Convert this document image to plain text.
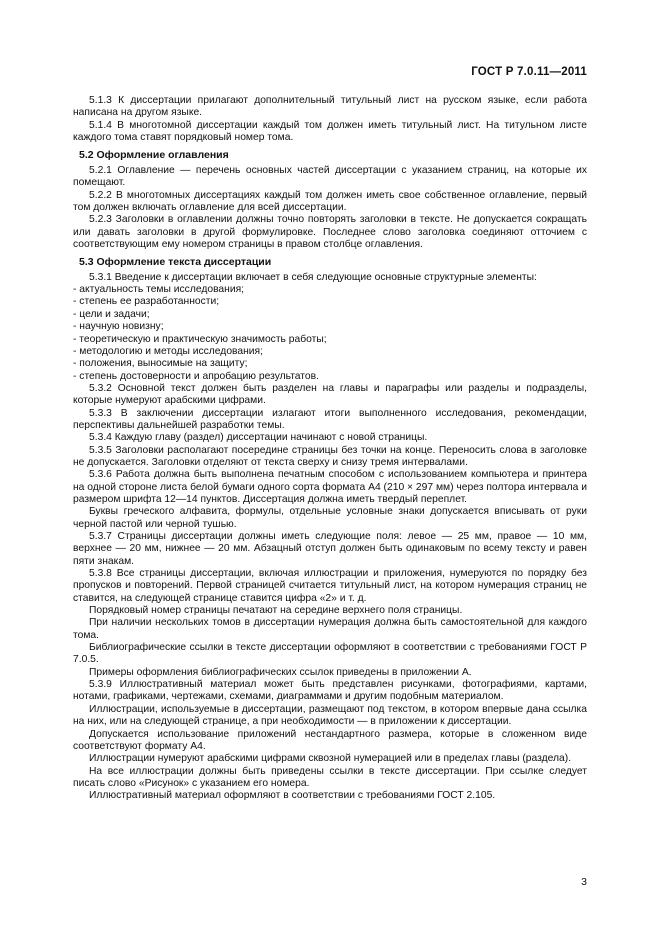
ГОСТ Р 7.0.11—2011

5.1.3 К диссертации прилагают дополнительный титульный лист на русском языке, если работа написана на другом языке.

5.1.4 В многотомной диссертации каждый том должен иметь титульный лист. На титульном листе каждого тома ставят порядковый номер тома.

5.2 Оформление оглавления

5.2.1 Оглавление — перечень основных частей диссертации с указанием страниц, на которые их помещают.

5.2.2 В многотомных диссертациях каждый том должен иметь свое собственное оглавление, первый том должен включать оглавление для всей диссертации.

5.2.3 Заголовки в оглавлении должны точно повторять заголовки в тексте. Не допускается сокращать или давать заголовки в другой формулировке. Последнее слово заголовка соединяют отточием с соответствующим ему номером страницы в правом столбце оглавления.

5.3 Оформление текста диссертации

5.3.1 Введение к диссертации включает в себя следующие основные структурные элементы:

- актуальность темы исследования;

- степень ее разработанности;

- цели и задачи;

- научную новизну;

- теоретическую и практическую значимость работы;

- методологию и методы исследования;

- положения, выносимые на защиту;

- степень достоверности и апробацию результатов.

5.3.2 Основной текст должен быть разделен на главы и параграфы или разделы и подразделы, которые нумеруют арабскими цифрами.

5.3.3 В заключении диссертации излагают итоги выполненного исследования, рекомендации, перспективы дальнейшей разработки темы.

5.3.4 Каждую главу (раздел) диссертации начинают с новой страницы.

5.3.5 Заголовки располагают посередине страницы без точки на конце. Переносить слова в заголовке не допускается. Заголовки отделяют от текста сверху и снизу тремя интервалами.

5.3.6 Работа должна быть выполнена печатным способом с использованием компьютера и принтера на одной стороне листа белой бумаги одного сорта формата А4 (210 × 297 мм) через полтора интервала и размером шрифта 12—14 пунктов. Диссертация должна иметь твердый переплет.

Буквы греческого алфавита, формулы, отдельные условные знаки допускается вписывать от руки черной пастой или черной тушью.

5.3.7 Страницы диссертации должны иметь следующие поля: левое — 25 мм, правое — 10 мм, верхнее — 20 мм, нижнее — 20 мм. Абзацный отступ должен быть одинаковым по всему тексту и равен пяти знакам.

5.3.8 Все страницы диссертации, включая иллюстрации и приложения, нумеруются по порядку без пропусков и повторений. Первой страницей считается титульный лист, на котором нумерация страниц не ставится, на следующей странице ставится цифра «2» и т. д.

Порядковый номер страницы печатают на середине верхнего поля страницы.

При наличии нескольких томов в диссертации нумерация должна быть самостоятельной для каждого тома.

Библиографические ссылки в тексте диссертации оформляют в соответствии с требованиями ГОСТ Р 7.0.5.

Примеры оформления библиографических ссылок приведены в приложении А.

5.3.9 Иллюстративный материал может быть представлен рисунками, фотографиями, картами, нотами, графиками, чертежами, схемами, диаграммами и другим подобным материалом.

Иллюстрации, используемые в диссертации, размещают под текстом, в котором впервые дана ссылка на них, или на следующей странице, а при необходимости — в приложении к диссертации.

Допускается использование приложений нестандартного размера, которые в сложенном виде соответствуют формату А4.

Иллюстрации нумеруют арабскими цифрами сквозной нумерацией или в пределах главы (раздела).

На все иллюстрации должны быть приведены ссылки в тексте диссертации. При ссылке следует писать слово «Рисунок» с указанием его номера.

Иллюстративный материал оформляют в соответствии с требованиями ГОСТ 2.105.

3
